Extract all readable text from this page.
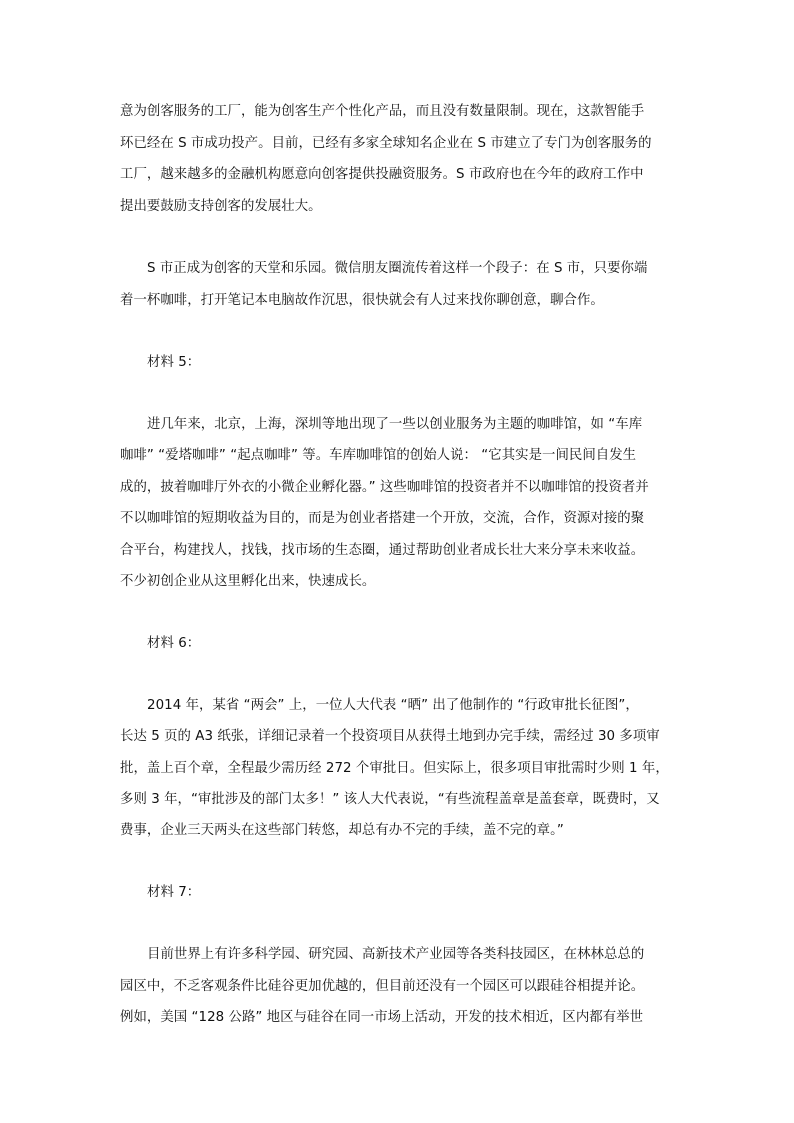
意为创客服务的工厂，能为创客生产个性化产品，而且没有数量限制。现在，这款智能手
环已经在 S 市成功投产。目前，已经有多家全球知名企业在 S 市建立了专门为创客服务的
工厂，越来越多的金融机构愿意向创客提供投融资服务。S 市政府也在今年的政府工作中
提出要鼓励支持创客的发展壮大。
S 市正成为创客的天堂和乐园。微信朋友圈流传着这样一个段子：在 S 市，只要你端
着一杯咖啡，打开笔记本电脑故作沉思，很快就会有人过来找你聊创意，聊合作。
材料 5：
进几年来，北京，上海，深圳等地出现了一些以创业服务为主题的咖啡馆，如 “车库
咖啡” “爱塔咖啡” “起点咖啡” 等。车库咖啡馆的创始人说： “它其实是一间民间自发生
成的，披着咖啡厅外衣的小微企业孵化器。” 这些咖啡馆的投资者并不以咖啡馆的投资者并
不以咖啡馆的短期收益为目的，而是为创业者搭建一个开放，交流，合作，资源对接的聚
合平台，构建找人，找钱，找市场的生态圈，通过帮助创业者成长壮大来分享未来收益。
不少初创企业从这里孵化出来，快速成长。
材料 6：
2014 年，某省 “两会” 上，一位人大代表 “晒” 出了他制作的 “行政审批长征图”，
长达 5 页的 A3 纸张，详细记录着一个投资项目从获得土地到办完手续，需经过 30 多项审
批，盖上百个章，全程最少需历经 272 个审批日。但实际上，很多项目审批需时少则 1 年，
多则 3 年，“审批涉及的部门太多！” 该人大代表说，“有些流程盖章是盖套章，既费时，又
费事，企业三天两头在这些部门转悠，却总有办不完的手续，盖不完的章。”
材料 7：
目前世界上有许多科学园、研究园、高新技术产业园等各类科技园区，在林林总总的
园区中，不乏客观条件比硅谷更加优越的，但目前还没有一个园区可以跟硅谷相提并论。
例如，美国 “128 公路” 地区与硅谷在同一市场上活动，开发的技术相近，区内都有举世
